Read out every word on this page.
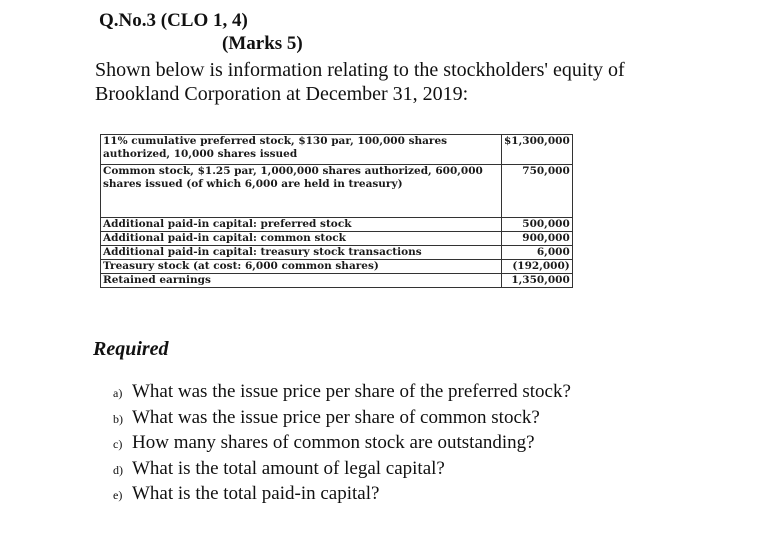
Q.No.3 (CLO 1, 4)
(Marks 5)
Shown below is information relating to the stockholders' equity of
Brookland Corporation at December 31, 2019:
11% cumulative preferred stock, $130 par, 100,000 shares authorized, 10,000 shares issued		$1,300,000
Common stock, $1.25 par, 1,000,000 shares authorized, 600,000 shares issued (of which 6,000 are held in treasury)		750,000
Additional paid-in capital: preferred stock		500,000
Additional paid-in capital: common stock		900,000
Additional paid-in capital: treasury stock transactions		6,000
Treasury stock (at cost: 6,000 common shares)		(192,000)
Retained earnings		1,350,000
Required
a) What was the issue price per share of the preferred stock?
b) What was the issue price per share of common stock?
c) How many shares of common stock are outstanding?
d) What is the total amount of legal capital?
e) What is the total paid-in capital?
